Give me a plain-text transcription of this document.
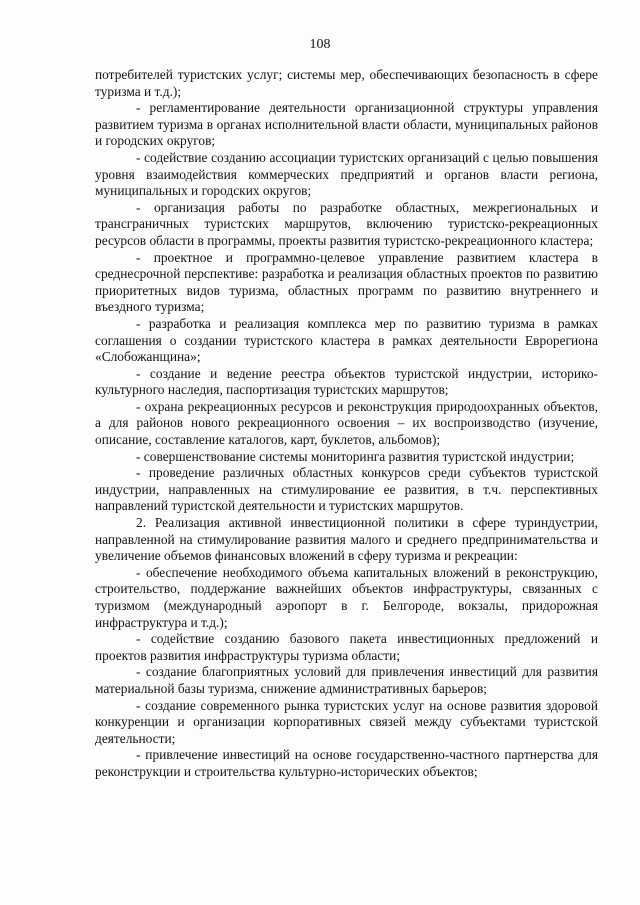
108

потребителей туристских услуг; системы мер, обеспечивающих безопасность в сфере туризма и т.д.);

- регламентирование деятельности организационной структуры управления развитием туризма в органах исполнительной власти области, муниципальных районов и городских округов;

- содействие созданию ассоциации туристских организаций с целью повышения уровня взаимодействия коммерческих предприятий и органов власти региона, муниципальных и городских округов;

- организация работы по разработке областных, межрегиональных и трансграничных туристских маршрутов, включению туристско-рекреационных ресурсов области в программы, проекты развития туристско-рекреационного кластера;

- проектное и программно-целевое управление развитием кластера в среднесрочной перспективе: разработка и реализация областных проектов по развитию приоритетных видов туризма, областных программ по развитию внутреннего и въездного туризма;

- разработка и реализация комплекса мер по развитию туризма в рамках соглашения о создании туристского кластера в рамках деятельности Еврорегиона «Слобожанщина»;

- создание и ведение реестра объектов туристской индустрии, историко-культурного наследия, паспортизация туристских маршрутов;

- охрана рекреационных ресурсов и реконструкция природоохранных объектов, а для районов нового рекреационного освоения – их воспроизводство (изучение, описание, составление каталогов, карт, буклетов, альбомов);

- совершенствование системы мониторинга развития туристской индустрии;

- проведение различных областных конкурсов среди субъектов туристской индустрии, направленных на стимулирование ее развития, в т.ч. перспективных направлений туристской деятельности и туристских маршрутов.

2. Реализация активной инвестиционной политики в сфере туриндустрии, направленной на стимулирование развития малого и среднего предпринимательства и увеличение объемов финансовых вложений в сферу туризма и рекреации:

- обеспечение необходимого объема капитальных вложений в реконструкцию, строительство, поддержание важнейших объектов инфраструктуры, связанных с туризмом (международный аэропорт в г. Белгороде, вокзалы, придорожная инфраструктура и т.д.);

- содействие созданию базового пакета инвестиционных предложений и проектов развития инфраструктуры туризма области;

- создание благоприятных условий для привлечения инвестиций для развития материальной базы туризма, снижение административных барьеров;

- создание современного рынка туристских услуг на основе развития здоровой конкуренции и организации корпоративных связей между субъектами туристской деятельности;

- привлечение инвестиций на основе государственно-частного партнерства для реконструкции и строительства культурно-исторических объектов;
